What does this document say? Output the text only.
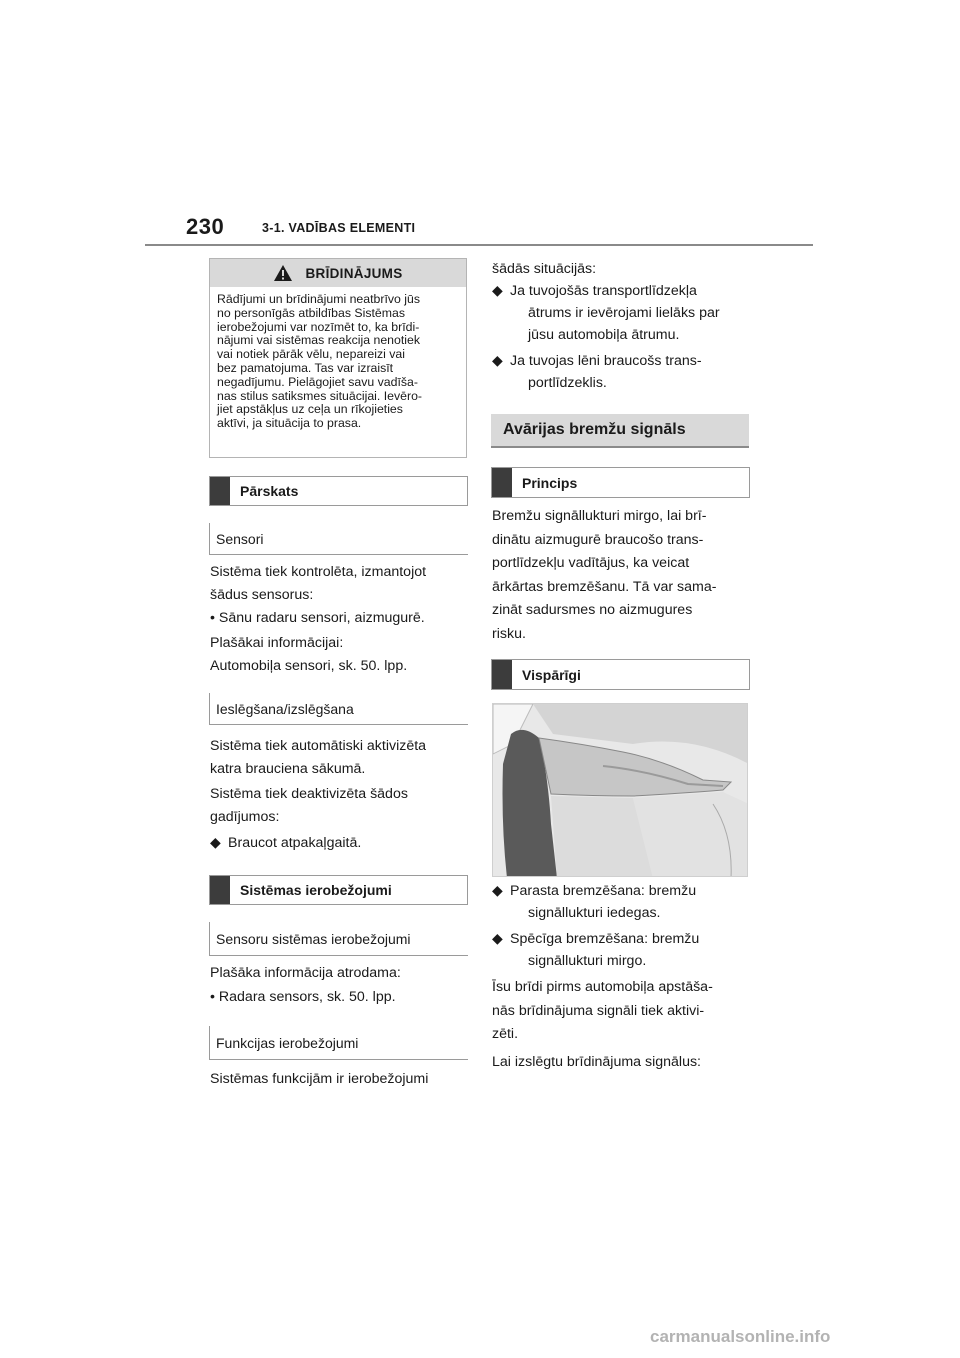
230	3-1. VADĪBAS ELEMENTI
BRĪDINĀJUMS
Rādījumi un brīdinājumi neatbrīvo jūs
no personīgās atbildības Sistēmas
ierobežojumi var nozīmēt to, ka brīdi-
nājumi vai sistēmas reakcija nenotiek
vai notiek pārāk vēlu, nepareizi vai
bez pamatojuma. Tas var izraisīt
negadījumu. Pielāgojiet savu vadīša-
nas stilus satiksmes situācijai. Ievēro-
jiet apstākļus uz ceļa un rīkojieties
aktīvi, ja situācija to prasa.
Pārskats
Sensori
Sistēma tiek kontrolēta, izmantojot
šādus sensorus:
• Sānu radaru sensori, aizmugurē.
Plašākai informācijai:
Automobiļa sensori, sk. 50. lpp.
Ieslēgšana/izslēgšana
Sistēma tiek automātiski aktivizēta
katra brauciena sākumā.
Sistēma tiek deaktivizēta šādos
gadījumos:
◆ Braucot atpakaļgaitā.
Sistēmas ierobežojumi
Sensoru sistēmas ierobežojumi
Plašāka informācija atrodama:
• Radara sensors, sk. 50. lpp.
Funkcijas ierobežojumi
Sistēmas funkcijām ir ierobežojumi
šādās situācijās:
◆ Ja tuvojošās transportlīdzekļa
ātrums ir ievērojami lielāks par
jūsu automobiļa ātrumu.
◆ Ja tuvojas lēni braucošs trans-
portlīdzeklis.
Avārijas bremžu signāls
Princips
Bremžu signāllukturi mirgo, lai brī-
dinātu aizmugurē braucošo trans-
portlīdzekļu vadītājus, ka veicat
ārkārtas bremzēšanu. Tā var sama-
zināt sadursmes no aizmugures
risku.
Vispārīgi
◆ Parasta bremzēšana: bremžu
signāllukturi iedegas.
◆ Spēcīga bremzēšana: bremžu
signāllukturi mirgo.
Īsu brīdi pirms automobiļa apstāša-
nās brīdinājuma signāli tiek aktivi-
zēti.
Lai izslēgtu brīdinājuma signālus:
carmanualsonline.info
